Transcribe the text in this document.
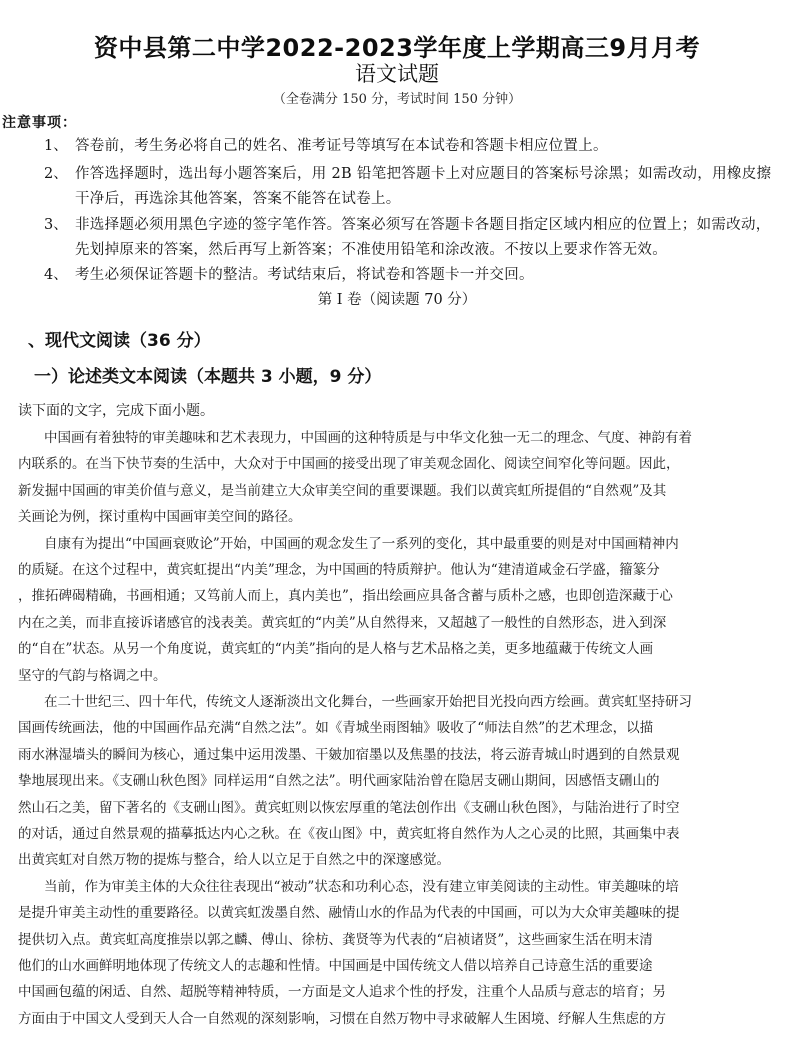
资中县第二中学2022-2023学年度上学期高三9月月考
语文试题
（全卷满分 150 分，考试时间 150 分钟）
注意事项：
1、 答卷前，考生务必将自己的姓名、准考证号等填写在本试卷和答题卡相应位置上。
2、 作答选择题时，选出每小题答案后，用 2B 铅笔把答题卡上对应题目的答案标号涂黑；如需改动，用橡皮擦
干净后，再选涂其他答案，答案不能答在试卷上。
3、 非选择题必须用黑色字迹的签字笔作答。答案必须写在答题卡各题目指定区域内相应的位置上；如需改动，
先划掉原来的答案，然后再写上新答案；不准使用铅笔和涂改液。不按以上要求作答无效。
4、 考生必须保证答题卡的整洁。考试结束后，将试卷和答题卡一并交回。
第 I 卷（阅读题 70 分）
、现代文阅读（36 分）
一）论述类文本阅读（本题共 3 小题，9 分）
读下面的文字，完成下面小题。
中国画有着独特的审美趣味和艺术表现力，中国画的这种特质是与中华文化独一无二的理念、气度、神韵有着
内联系的。在当下快节奏的生活中，大众对于中国画的接受出现了审美观念固化、阅读空间窄化等问题。因此，
新发掘中国画的审美价值与意义，是当前建立大众审美空间的重要课题。我们以黄宾虹所提倡的“自然观”及其
关画论为例，探讨重构中国画审美空间的路径。
自康有为提出“中国画衰败论”开始，中国画的观念发生了一系列的变化，其中最重要的则是对中国画精神内
的质疑。在这个过程中，黄宾虹提出“内美”理念，为中国画的特质辩护。他认为“建清道咸金石学盛，籀篆分
，推拓碑碣精确，书画相通；又笃前人而上，真内美也”，指出绘画应具备含蓄与质朴之感，也即创造深藏于心
内在之美，而非直接诉诸感官的浅表美。黄宾虹的“内美”从自然得来，又超越了一般性的自然形态，进入到深
的“自在”状态。从另一个角度说，黄宾虹的“内美”指向的是人格与艺术品格之美，更多地蕴藏于传统文人画
坚守的气韵与格调之中。
在二十世纪三、四十年代，传统文人逐渐淡出文化舞台，一些画家开始把目光投向西方绘画。黄宾虹坚持研习
国画传统画法，他的中国画作品充满“自然之法”。如《青城坐雨图轴》吸收了“师法自然”的艺术理念，以描
雨水淋湿墙头的瞬间为核心，通过集中运用泼墨、干皴加宿墨以及焦墨的技法，将云游青城山时遇到的自然景观
挚地展现出来。《支硎山秋色图》同样运用“自然之法”。明代画家陆治曾在隐居支硎山期间，因感悟支硎山的
然山石之美，留下著名的《支硎山图》。黄宾虹则以恢宏厚重的笔法创作出《支硎山秋色图》，与陆治进行了时空
的对话，通过自然景观的描摹抵达内心之秋。在《夜山图》中，黄宾虹将自然作为人之心灵的比照，其画集中表
出黄宾虹对自然万物的提炼与整合，给人以立足于自然之中的深邃感觉。
当前，作为审美主体的大众往往表现出“被动”状态和功利心态，没有建立审美阅读的主动性。审美趣味的培
是提升审美主动性的重要路径。以黄宾虹泼墨自然、融情山水的作品为代表的中国画，可以为大众审美趣味的提
提供切入点。黄宾虹高度推崇以郭之麟、傅山、徐枋、龚贤等为代表的“启祯诸贤”，这些画家生活在明末清
他们的山水画鲜明地体现了传统文人的志趣和性情。中国画是中国传统文人借以培养自己诗意生活的重要途
中国画包蕴的闲适、自然、超脱等精神特质，一方面是文人追求个性的抒发，注重个人品质与意志的培育；另
方面由于中国文人受到天人合一自然观的深刻影响，习惯在自然万物中寻求破解人生困境、纾解人生焦虑的方
